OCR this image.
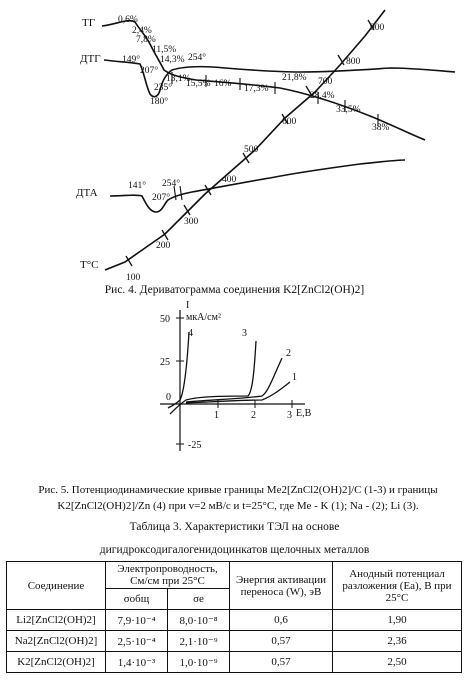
ТГ
ДТГ
ДТА
T°C
0,6%
2,4%
7,8%
11,5%
14,3%
13,1%
15,5% 16% 17,3%
21,8%
28,4%
33,5%
38%
149°
207°
235°
180°
254°
141°
207°
254°
100
200
300
400
500
600
700
800
900
Рис. 4. Дериватограмма соединения K2[ZnCl2(OH)2]
I
мкА/см²
50
25
0
-25
1	2	3 E,B
4	3
2
1
Рис. 5. Потенциодинамические кривые границы Me2[ZnCl2(OH)2]/C (1-3) и границы
K2[ZnCl2(OH)2]/Zn (4) при v=2 мВ/с и t=25°C, где Ме - K (1); Na - (2); Li (3).
Таблица 3. Характеристики ТЭЛ на основе
дигидроксодигалогенидоцинкатов щелочных металлов
Соединение	Электропроводность, См/см при 25°C		Энергия активации переноса (W), эВ	Анодный потенциал разложения (Eа), В при 25°C
	σобщ	σе		
Li2[ZnCl2(OH)2]	7,9·10⁻⁴	8,0·10⁻⁸	0,6	1,90
Na2[ZnCl2(OH)2]	2,5·10⁻⁴	2,1·10⁻⁹	0,57	2,36
K2[ZnCl2(OH)2]	1,4·10⁻³	1,0·10⁻⁹	0,57	2,50
